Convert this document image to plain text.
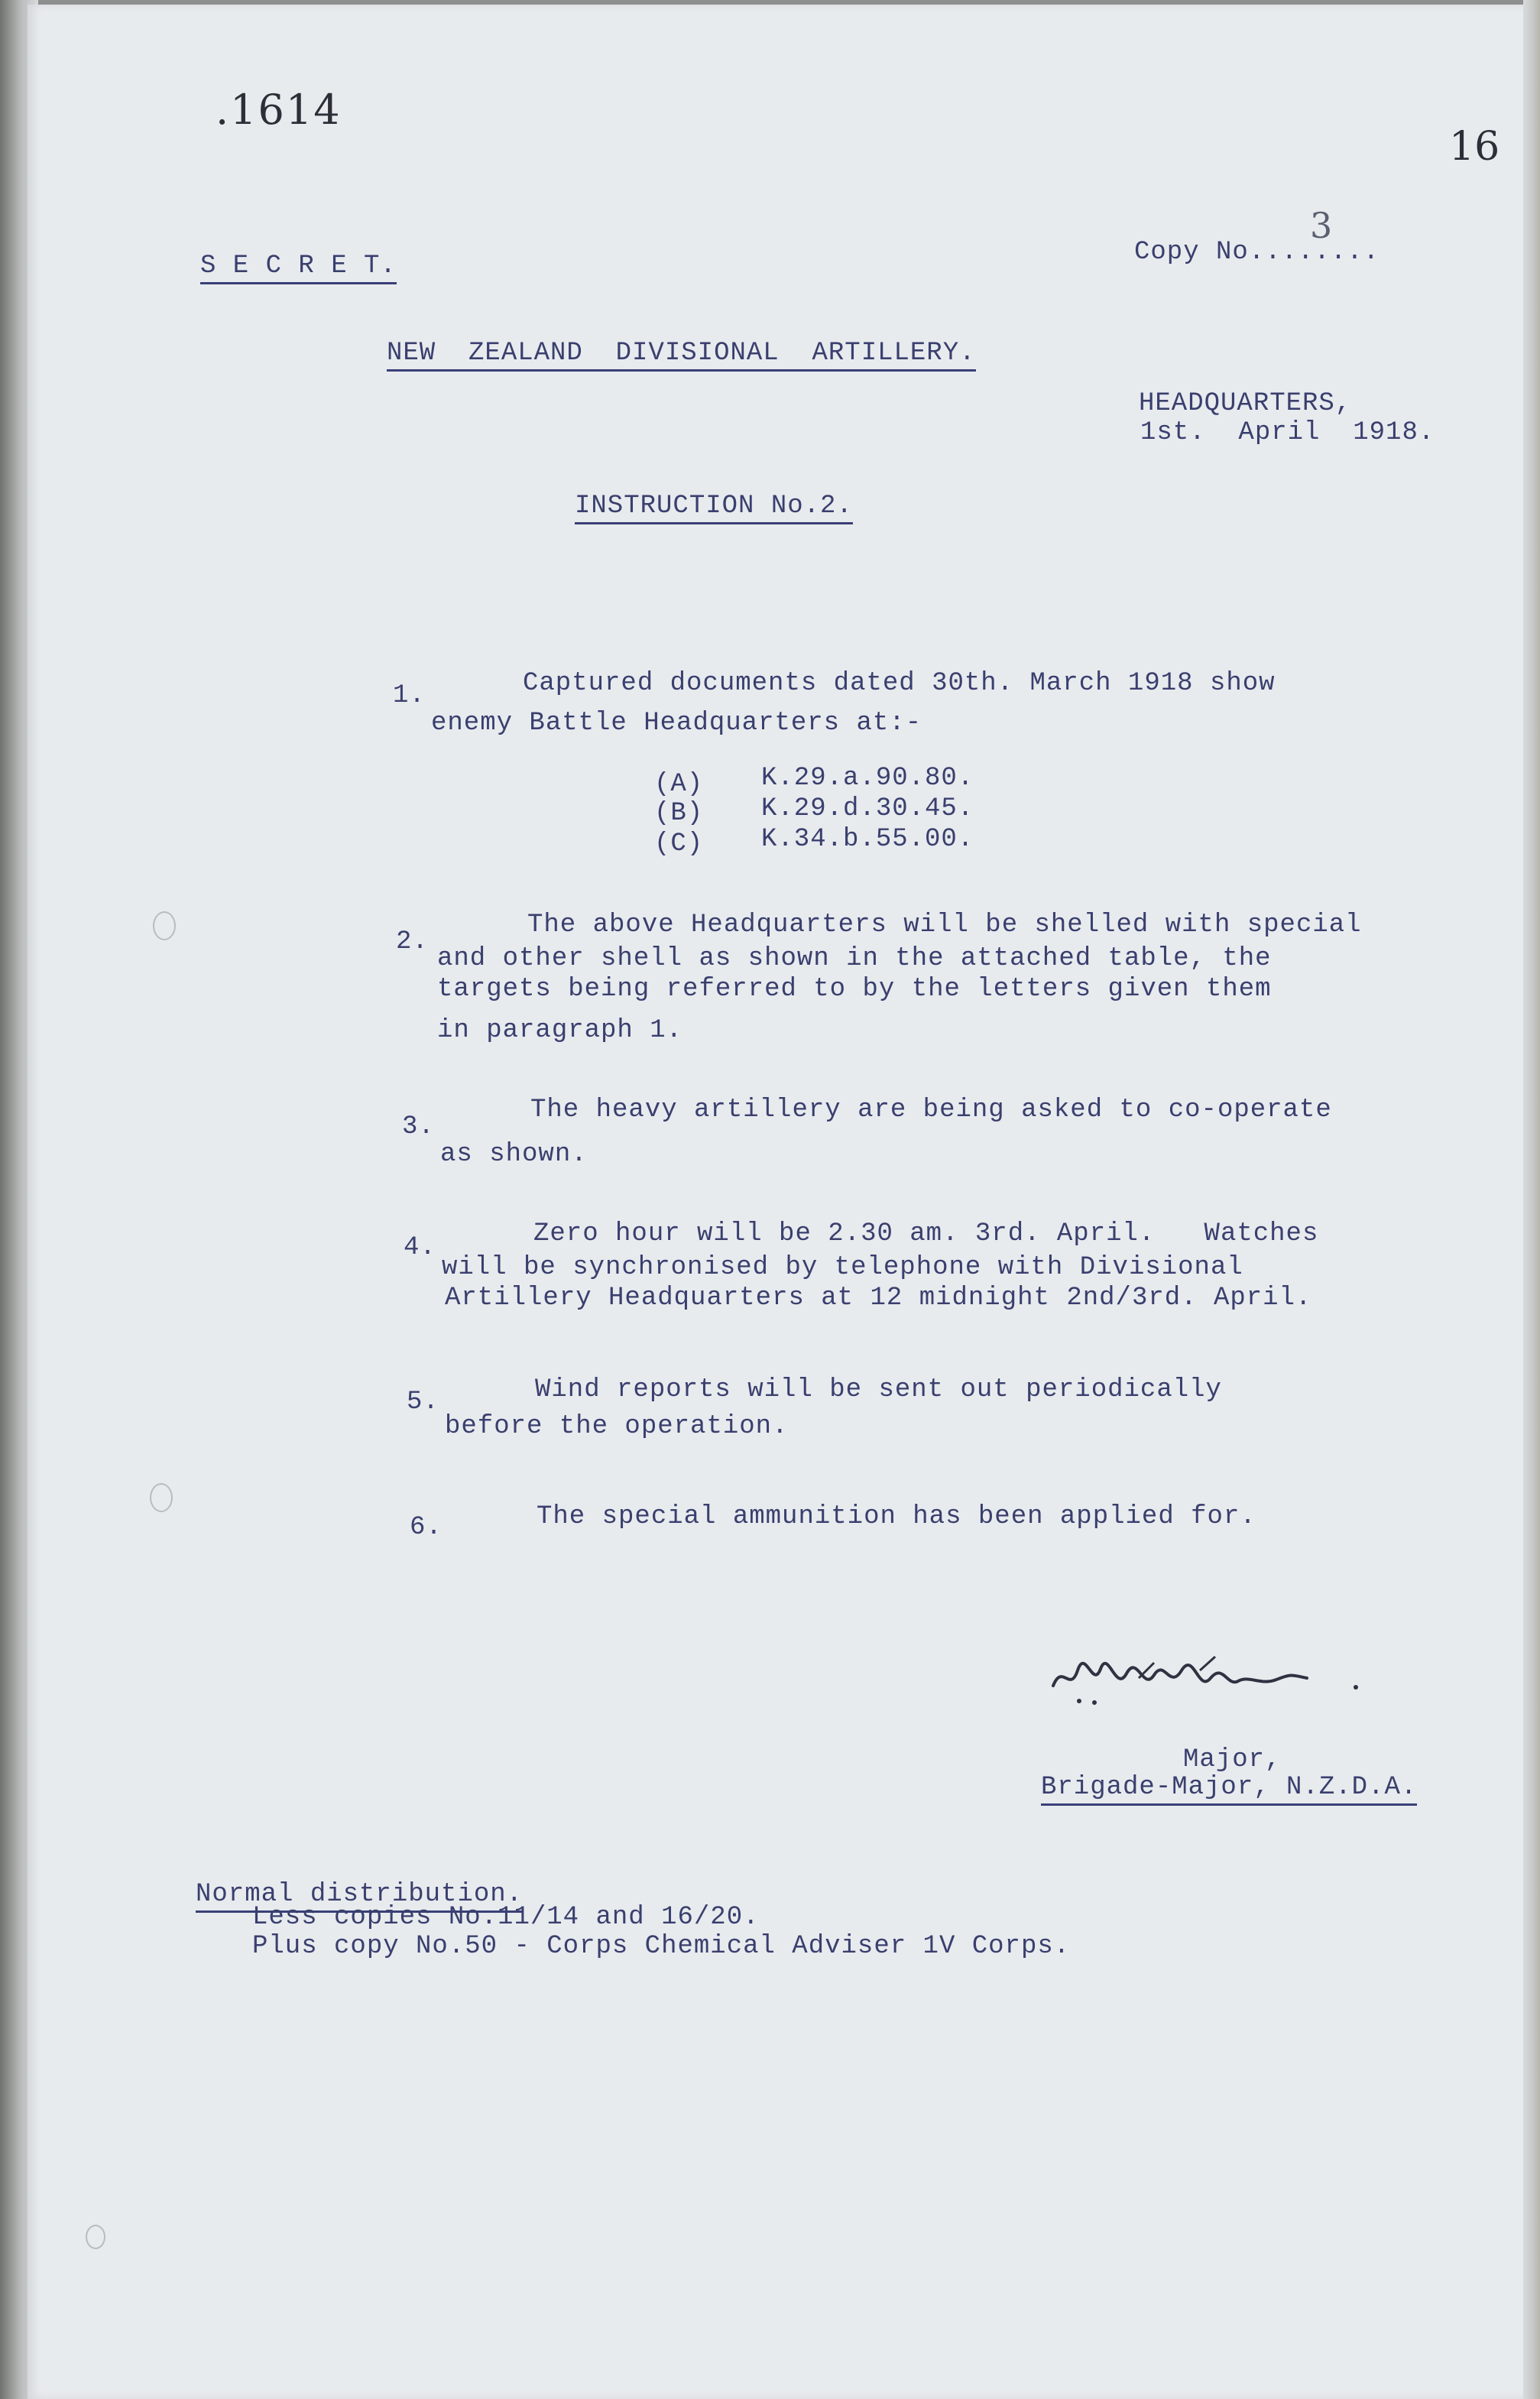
.1614
16
S E C R E T.	Copy No........
3
NEW  ZEALAND  DIVISIONAL  ARTILLERY.
HEADQUARTERS,
1st.  April  1918.
INSTRUCTION No.2.
1.	Captured documents dated 30th. March 1918 show
enemy Battle Headquarters at:-
(A) K.29.a.90.80.
(B) K.29.d.30.45.
(C) K.34.b.55.00.
2.
The above Headquarters will be shelled with special
and other shell as shown in the attached table, the
targets being referred to by the letters given them
in paragraph 1.
3.
The heavy artillery are being asked to co-operate
as shown.
4.	Zero hour will be 2.30 am. 3rd. April.   Watches
will be synchronised by telephone with Divisional
Artillery Headquarters at 12 midnight 2nd/3rd. April.
5.	Wind reports will be sent out periodically
before the operation.
6.	The special ammunition has been applied for.
Major,
Brigade-Major, N.Z.D.A.
Normal distribution.
Less copies No.11/14 and 16/20.
Plus copy No.50 - Corps Chemical Adviser 1V Corps.
